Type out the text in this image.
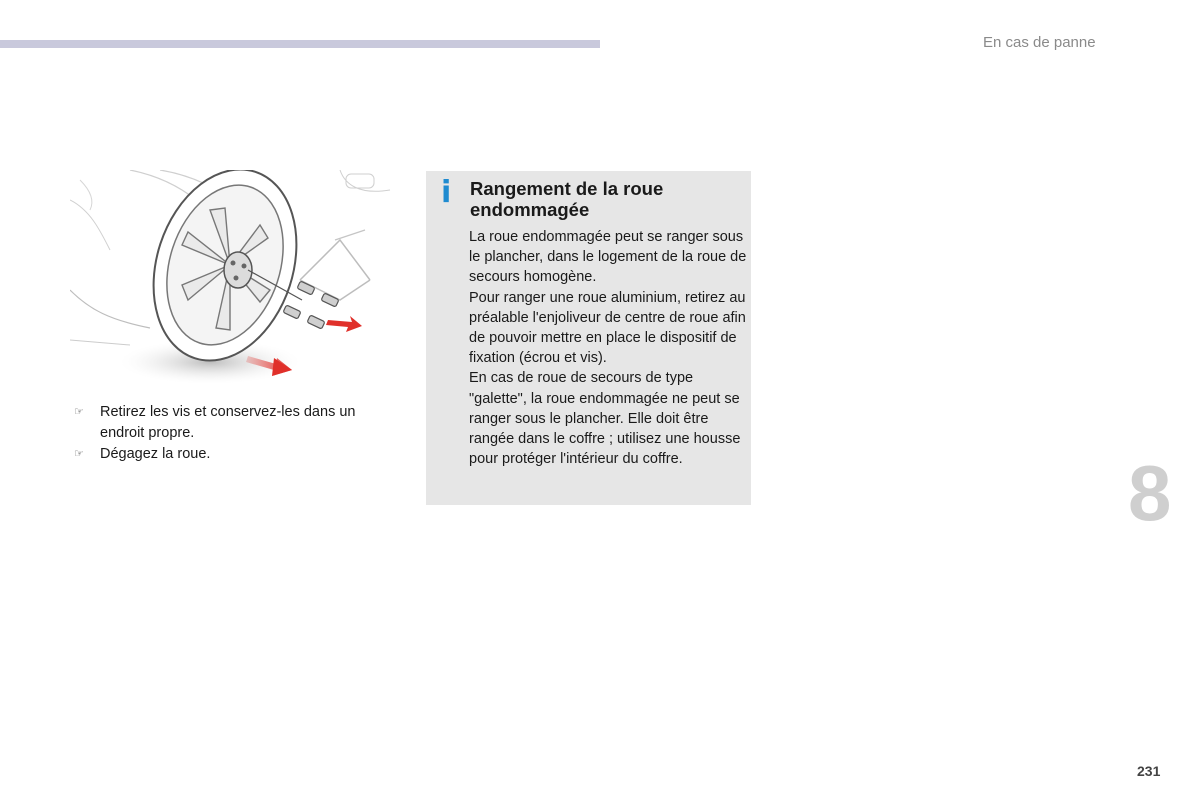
En cas de panne
☞ Retirez les vis et conservez-les dans un endroit propre.
☞ Dégagez la roue.
i Rangement de la roue endommagée

La roue endommagée peut se ranger sous le plancher, dans le logement de la roue de secours homogène.

Pour ranger une roue aluminium, retirez au préalable l'enjoliveur de centre de roue afin de pouvoir mettre en place le dispositif de fixation (écrou et vis).

En cas de roue de secours de type "galette", la roue endommagée ne peut se ranger sous le plancher. Elle doit être rangée dans le coffre ; utilisez une housse pour protéger l'intérieur du coffre.	8
231
